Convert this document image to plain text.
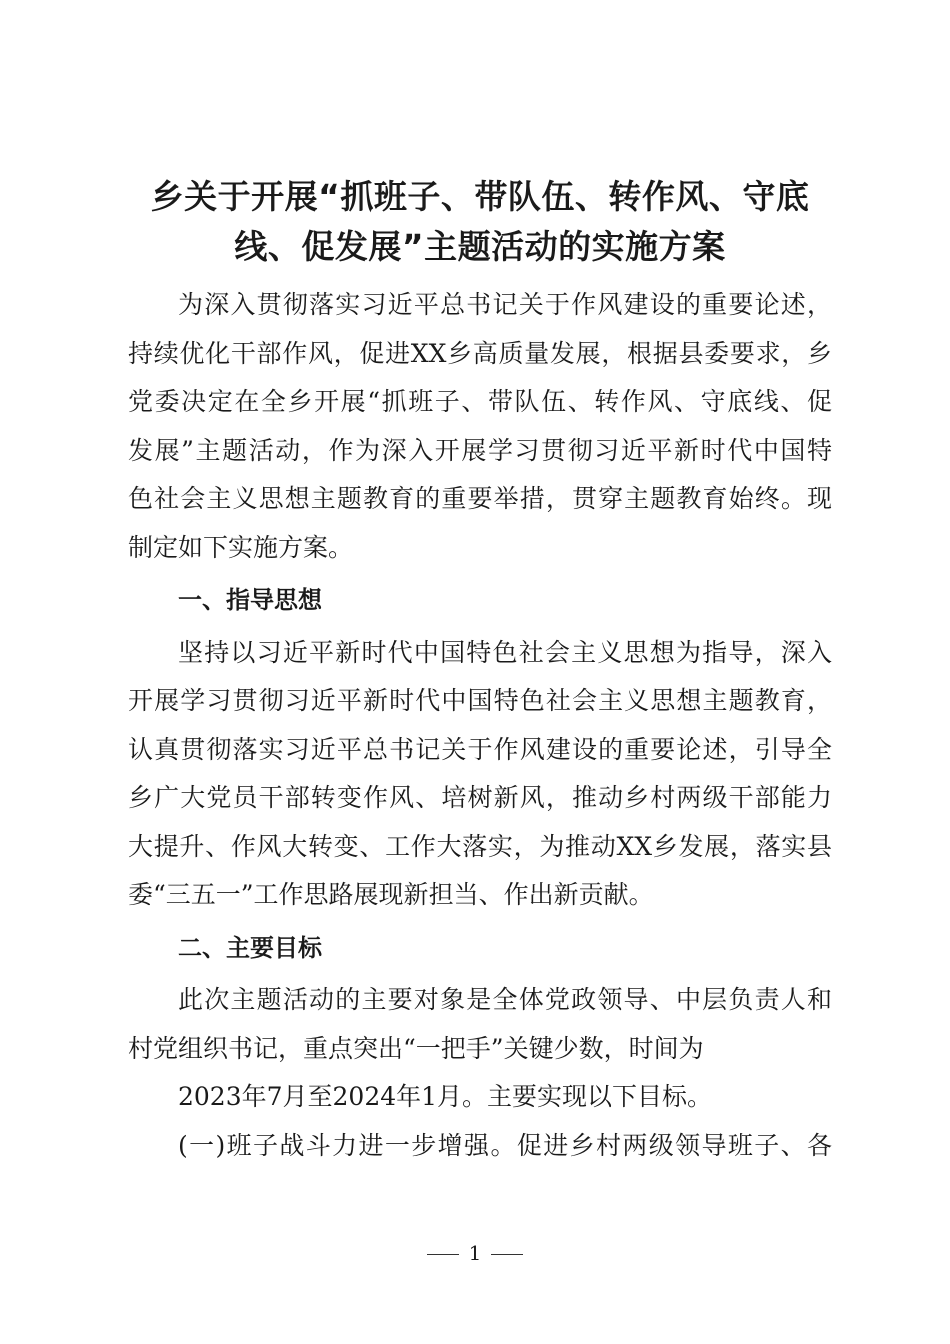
乡关于开展“抓班子、带队伍、转作风、守底
线、促发展”主题活动的实施方案

为深入贯彻落实习近平总书记关于作风建设的重要论述，
持续优化干部作风，促进XX乡高质量发展，根据县委要求，乡
党委决定在全乡开展“抓班子、带队伍、转作风、守底线、促
发展”主题活动，作为深入开展学习贯彻习近平新时代中国特
色社会主义思想主题教育的重要举措，贯穿主题教育始终。现
制定如下实施方案。

一、指导思想

坚持以习近平新时代中国特色社会主义思想为指导，深入
开展学习贯彻习近平新时代中国特色社会主义思想主题教育，
认真贯彻落实习近平总书记关于作风建设的重要论述，引导全
乡广大党员干部转变作风、培树新风，推动乡村两级干部能力
大提升、作风大转变、工作大落实，为推动XX乡发展，落实县
委“三五一”工作思路展现新担当、作出新贡献。

二、主要目标

此次主题活动的主要对象是全体党政领导、中层负责人和
村党组织书记，重点突出“一把手”关键少数，时间为
2023年7月至2024年1月。主要实现以下目标。
(一)班子战斗力进一步增强。促进乡村两级领导班子、各

1
